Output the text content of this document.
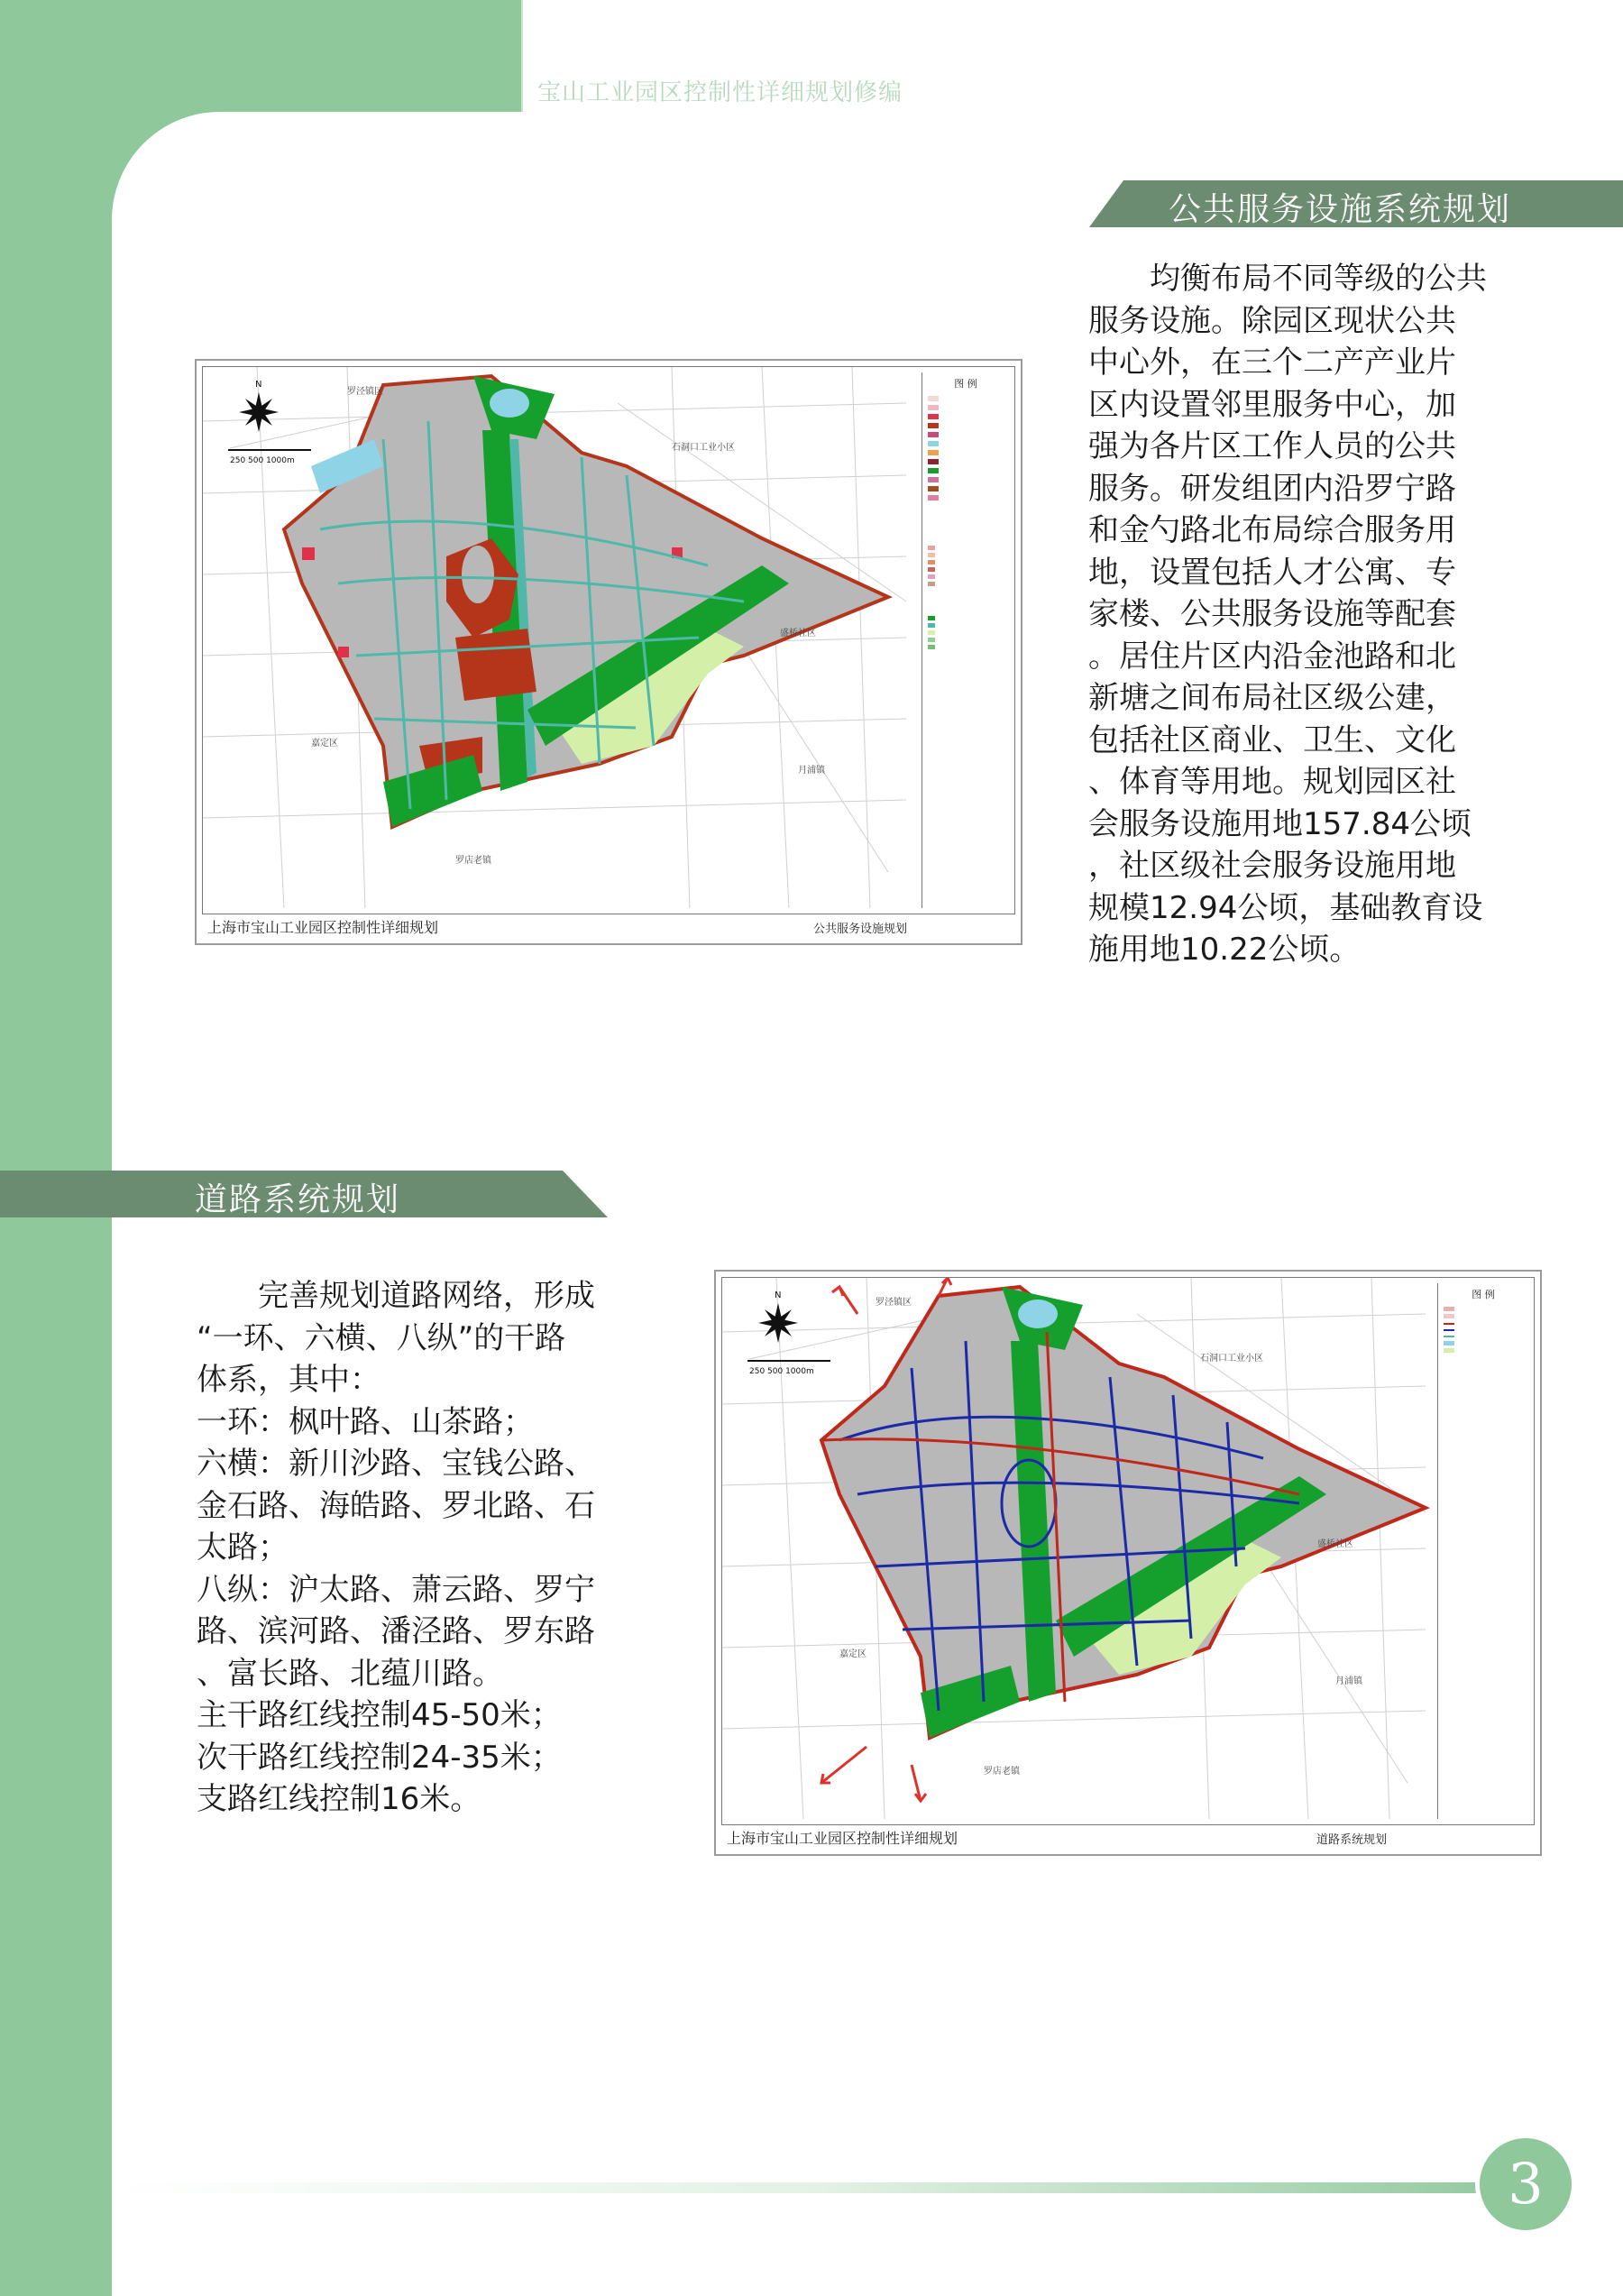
宝山工业园区控制性详细规划修编
公共服务设施系统规划
　　均衡布局不同等级的公共
服务设施。除园区现状公共
中心外，在三个二产产业片
区内设置邻里服务中心，加
强为各片区工作人员的公共
服务。研发组团内沿罗宁路
和金勺路北布局综合服务用
地，设置包括人才公寓、专
家楼、公共服务设施等配套
。居住片区内沿金池路和北
新塘之间布局社区级公建，
包括社区商业、卫生、文化
、体育等用地。规划园区社
会服务设施用地157.84公顷
，社区级社会服务设施用地
规模12.94公顷，基础教育设
施用地10.22公顷。
罗泾镇区
石洞口工业小区
盛桥社区
嘉定区
月浦镇
罗店老镇
N
250 500 1000m
图 例
上海市宝山工业园区控制性详细规划	公共服务设施规划
道路系统规划
　　完善规划道路网络，形成
“一环、六横、八纵”的干路
体系，其中：
一环：枫叶路、山茶路；
六横：新川沙路、宝钱公路、
金石路、海皓路、罗北路、石
太路；
八纵：沪太路、萧云路、罗宁
路、滨河路、潘泾路、罗东路
、富长路、北蕴川路。
主干路红线控制45-50米；
次干路红线控制24-35米；
支路红线控制16米。
罗泾镇区
石洞口工业小区
盛桥社区
嘉定区
月浦镇
罗店老镇
N
250 500 1000m
图 例
上海市宝山工业园区控制性详细规划	道路系统规划
3
